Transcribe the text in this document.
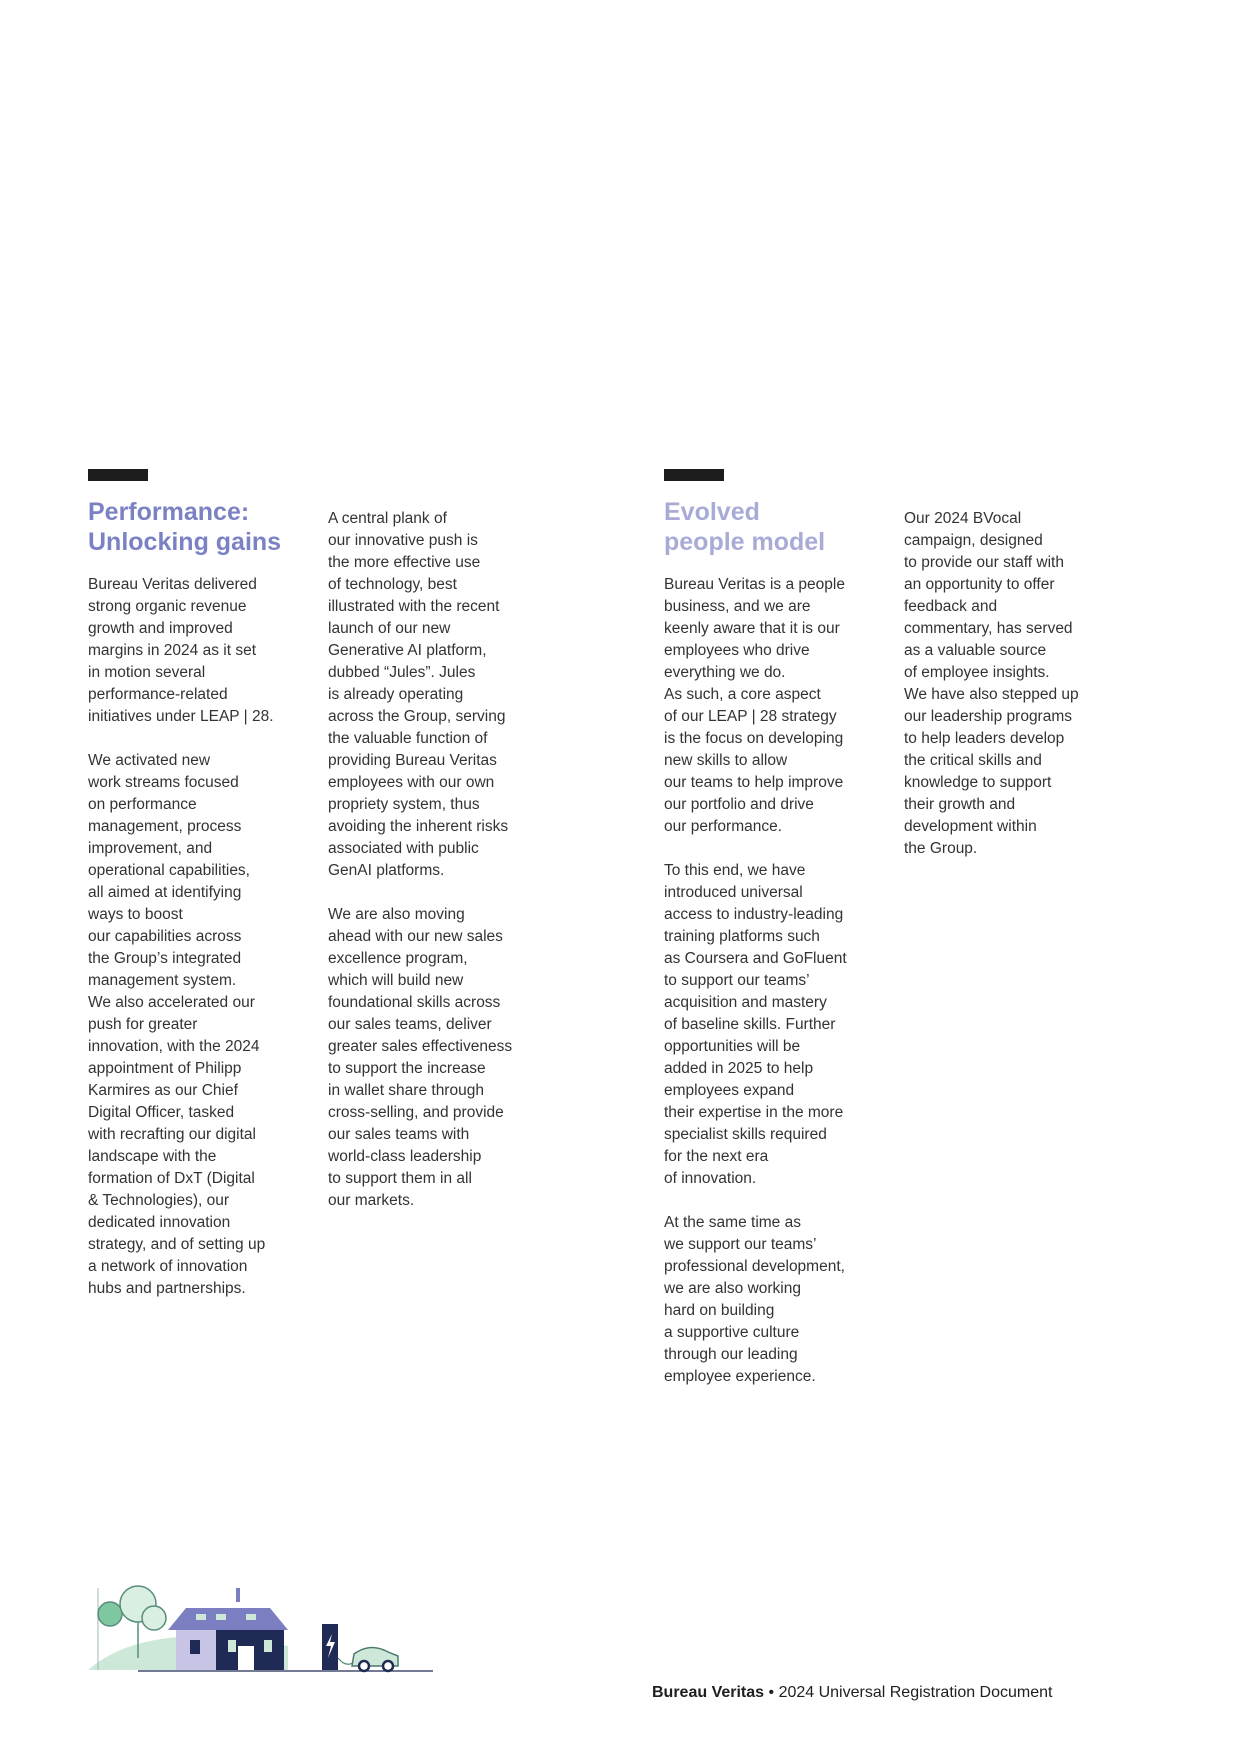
Performance:
Unlocking gains

Bureau Veritas delivered
strong organic revenue
growth and improved
margins in 2024 as it set
in motion several
performance-related
initiatives under LEAP | 28.

We activated new
work streams focused
on performance
management, process
improvement, and
operational capabilities,
all aimed at identifying
ways to boost
our capabilities across
the Group’s integrated
management system.

We also accelerated our
push for greater
innovation, with the 2024
appointment of Philipp
Karmires as our Chief
Digital Officer, tasked
with recrafting our digital
landscape with the
formation of DxT (Digital
& Technologies), our
dedicated innovation
strategy, and of setting up
a network of innovation
hubs and partnerships.

A central plank of
our innovative push is
the more effective use
of technology, best
illustrated with the recent
launch of our new
Generative AI platform,
dubbed “Jules”. Jules
is already operating
across the Group, serving
the valuable function of
providing Bureau Veritas
employees with our own
propriety system, thus
avoiding the inherent risks
associated with public
GenAI platforms.

We are also moving
ahead with our new sales
excellence program,
which will build new
foundational skills across
our sales teams, deliver
greater sales effectiveness
to support the increase
in wallet share through
cross-selling, and provide
our sales teams with
world-class leadership
to support them in all
our markets.

Evolved
people model

Bureau Veritas is a people
business, and we are
keenly aware that it is our
employees who drive
everything we do.

As such, a core aspect
of our LEAP | 28 strategy
is the focus on developing
new skills to allow
our teams to help improve
our portfolio and drive
our performance.

To this end, we have
introduced universal
access to industry-leading
training platforms such
as Coursera and GoFluent
to support our teams’
acquisition and mastery
of baseline skills. Further
opportunities will be
added in 2025 to help
employees expand
their expertise in the more
specialist skills required
for the next era
of innovation.

At the same time as
we support our teams’
professional development,
we are also working
hard on building
a supportive culture
through our leading
employee experience.

Our 2024 BVocal
campaign, designed
to provide our staff with
an opportunity to offer
feedback and
commentary, has served
as a valuable source
of employee insights.

We have also stepped up
our leadership programs
to help leaders develop
the critical skills and
knowledge to support
their growth and
development within
the Group.

Bureau Veritas • 2024 Universal Registration Document
